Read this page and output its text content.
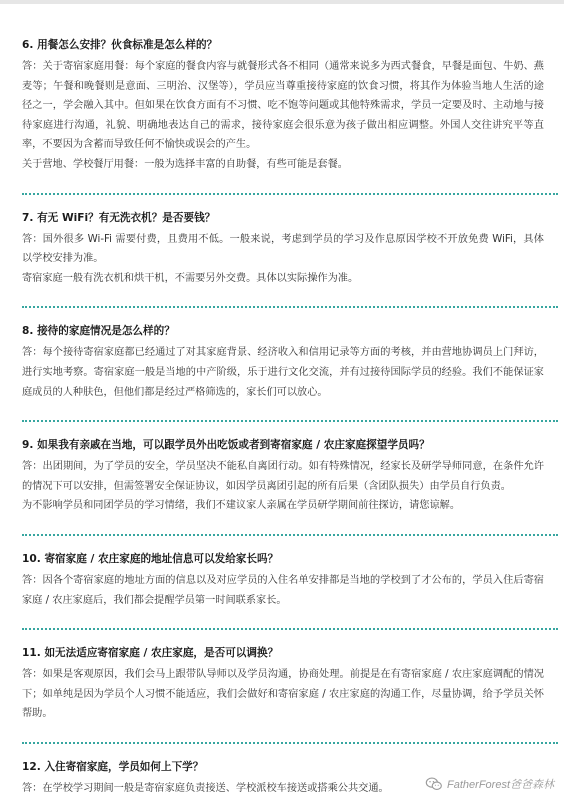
6. 用餐怎么安排？伙食标准是怎么样的？

答：关于寄宿家庭用餐：每个家庭的餐食内容与就餐形式各不相同（通常来说多为西式餐食，早餐是面包、牛奶、燕麦等；午餐和晚餐则是意面、三明治、汉堡等），学员应当尊重接待家庭的饮食习惯，将其作为体验当地人生活的途径之一，学会融入其中。但如果在饮食方面有不习惯、吃不饱等问题或其他特殊需求，学员一定要及时、主动地与接待家庭进行沟通，礼貌、明确地表达自己的需求，接待家庭会很乐意为孩子做出相应调整。外国人交往讲究平等直率，不要因为含蓄而导致任何不愉快或误会的产生。

关于营地、学校餐厅用餐：一般为选择丰富的自助餐，有些可能是套餐。

7. 有无 WiFi？有无洗衣机？是否要钱？

答：国外很多 Wi-Fi 需要付费，且费用不低。一般来说，考虑到学员的学习及作息原因学校不开放免费 WiFi，具体以学校安排为准。

寄宿家庭一般有洗衣机和烘干机，不需要另外交费。具体以实际操作为准。

8. 接待的家庭情况是怎么样的？

答：每个接待寄宿家庭都已经通过了对其家庭背景、经济收入和信用记录等方面的考核，并由营地协调员上门拜访，进行实地考察。寄宿家庭一般是当地的中产阶级，乐于进行文化交流，并有过接待国际学员的经验。我们不能保证家庭成员的人种肤色，但他们都是经过严格筛选的，家长们可以放心。

9. 如果我有亲戚在当地，可以跟学员外出吃饭或者到寄宿家庭 / 农庄家庭探望学员吗？

答：出团期间，为了学员的安全，学员坚决不能私自离团行动。如有特殊情况，经家长及研学导师同意，在条件允许的情况下可以安排，但需签署安全保证协议，如因学员离团引起的所有后果（含团队损失）由学员自行负责。

为不影响学员和同团学员的学习情绪，我们不建议家人亲属在学员研学期间前往探访，请您谅解。

10. 寄宿家庭 / 农庄家庭的地址信息可以发给家长吗？

答：因各个寄宿家庭的地址方面的信息以及对应学员的入住名单安排都是当地的学校到了才公布的，学员入住后寄宿家庭 / 农庄家庭后，我们都会提醒学员第一时间联系家长。

11. 如无法适应寄宿家庭 / 农庄家庭，是否可以调换？

答：如果是客观原因，我们会马上跟带队导师以及学员沟通，协商处理。前提是在有寄宿家庭 / 农庄家庭调配的情况下；如单纯是因为学员个人习惯不能适应，我们会做好和寄宿家庭 / 农庄家庭的沟通工作，尽量协调，给予学员关怀帮助。

12. 入住寄宿家庭，学员如何上下学？

答：在学校学习期间一般是寄宿家庭负责接送、学校派校车接送或搭乘公共交通。	FatherForest爸爸森林
